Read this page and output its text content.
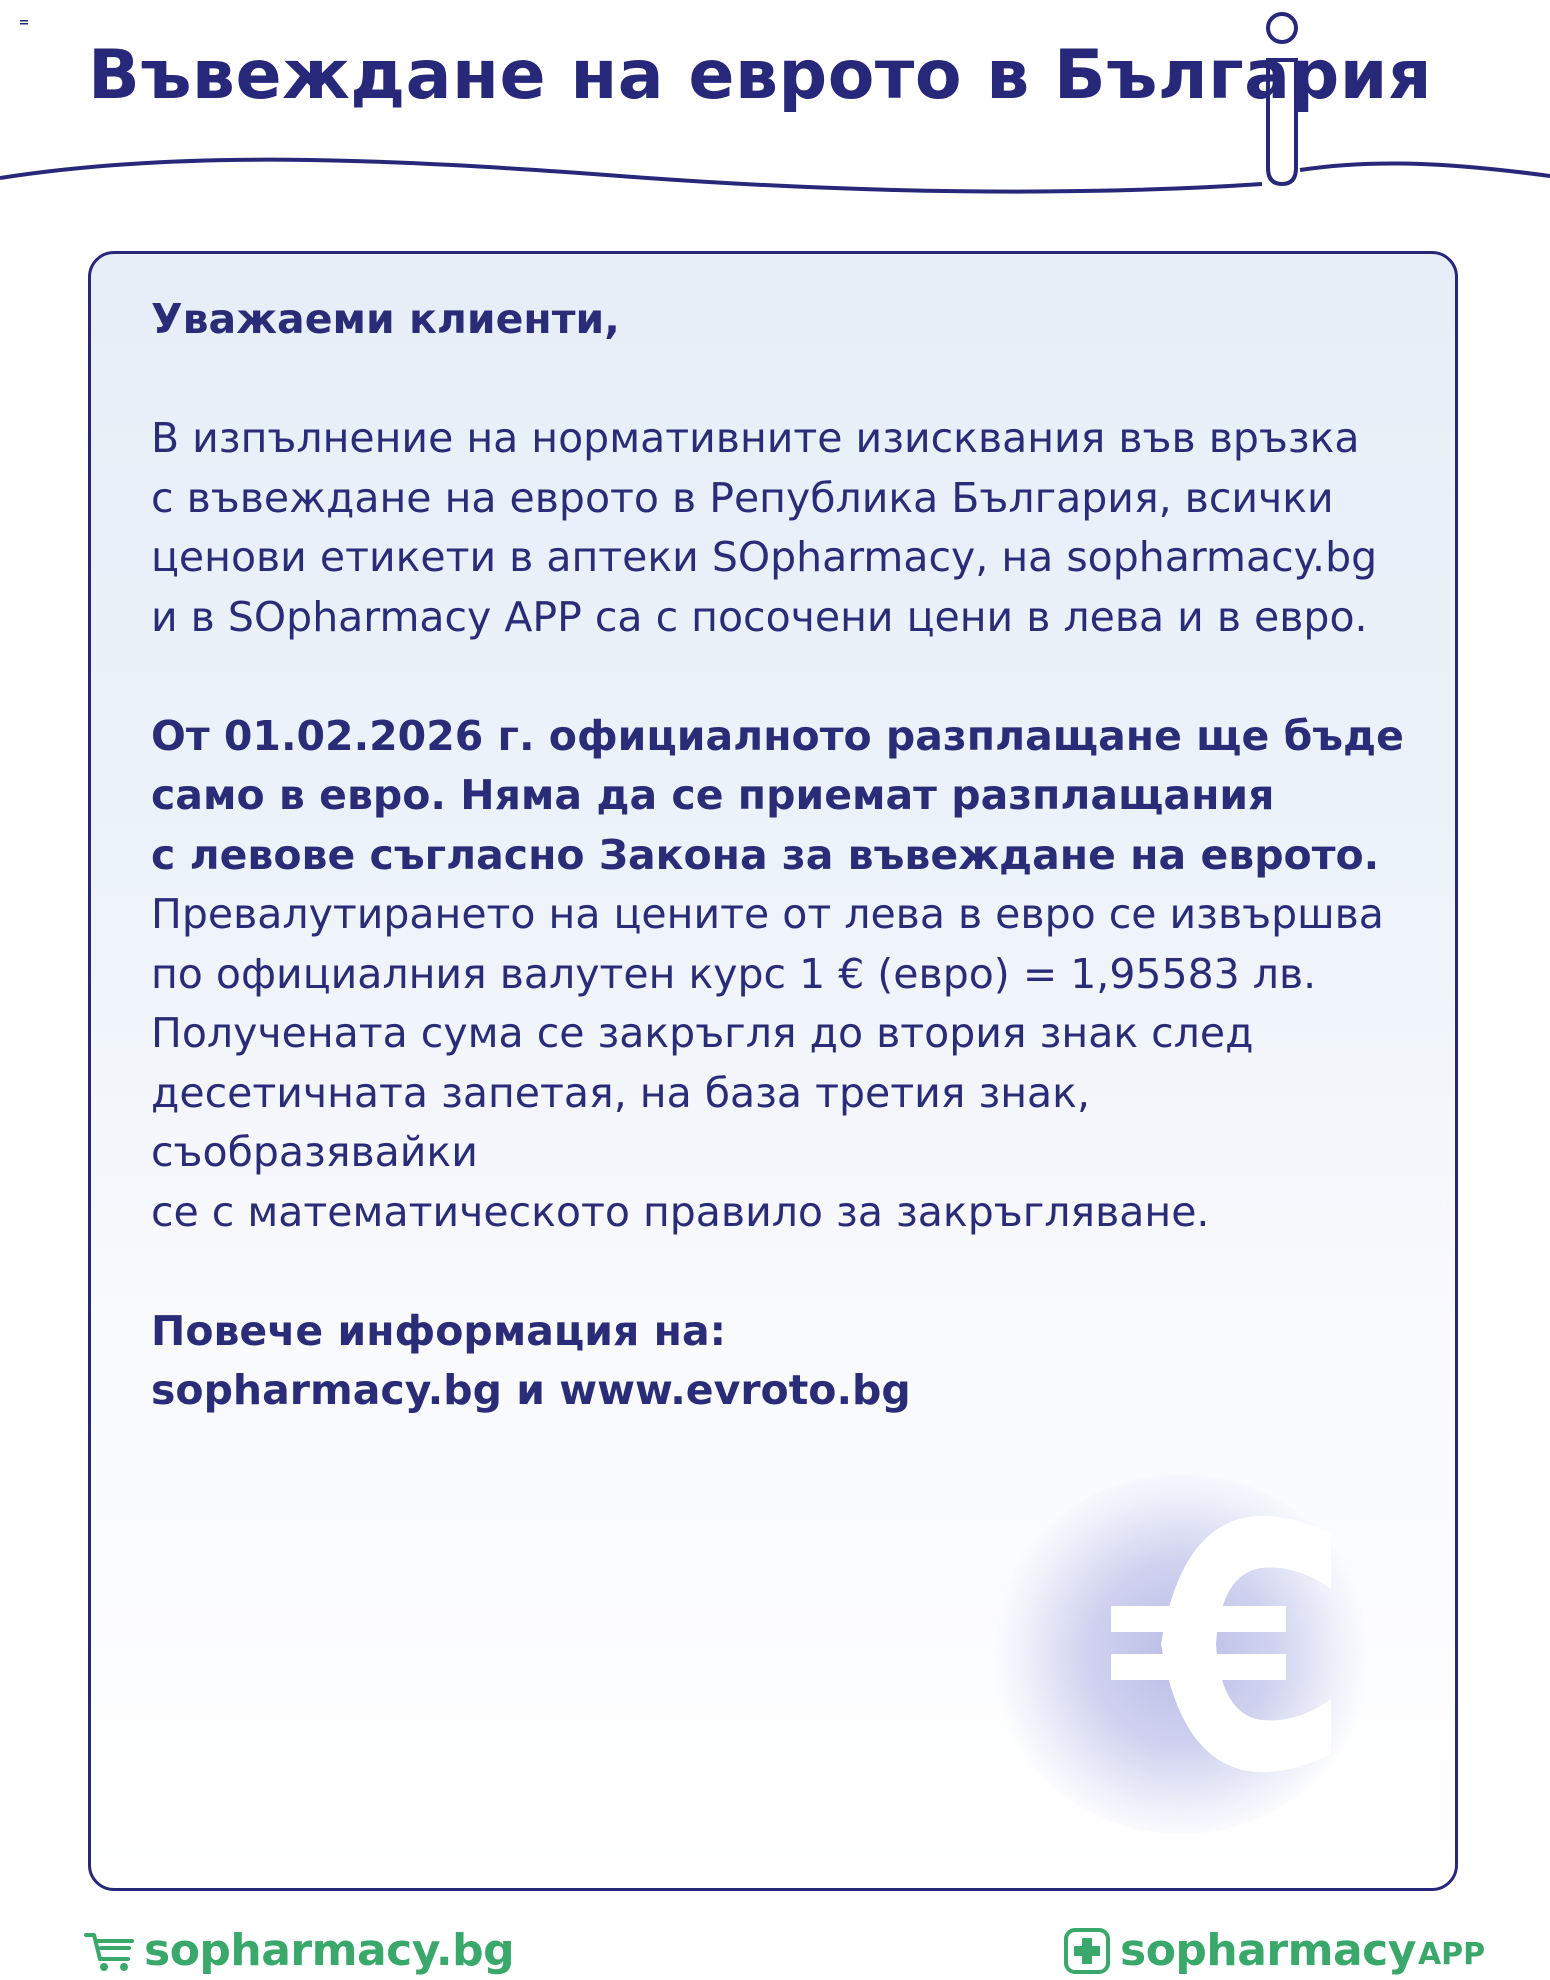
Въвеждане на еврото в България

Уважаеми клиенти,

В изпълнение на нормативните изисквания във връзка
с въвеждане на еврото в Република България, всички
ценови етикети в аптеки SOpharmacy, на sopharmacy.bg
и в SOpharmacy APP са с посочени цени в лева и в евро.

От 01.02.2026 г. официалното разплащане ще бъде
само в евро. Няма да се приемат разплащания
с левове съгласно Закона за въвеждане на еврото.

Превалутирането на цените от лева в евро се извършва
по официалния валутен курс 1 € (евро) = 1,95583 лв.
Получената сума се закръгля до втория знак след
десетичната запетая, на база третия знак, съобразявайки
се с математическото правило за закръгляване.

Повече информация на:

sopharmacy.bg и www.evroto.bg

sopharmacy.bg	sopharmacy APP
